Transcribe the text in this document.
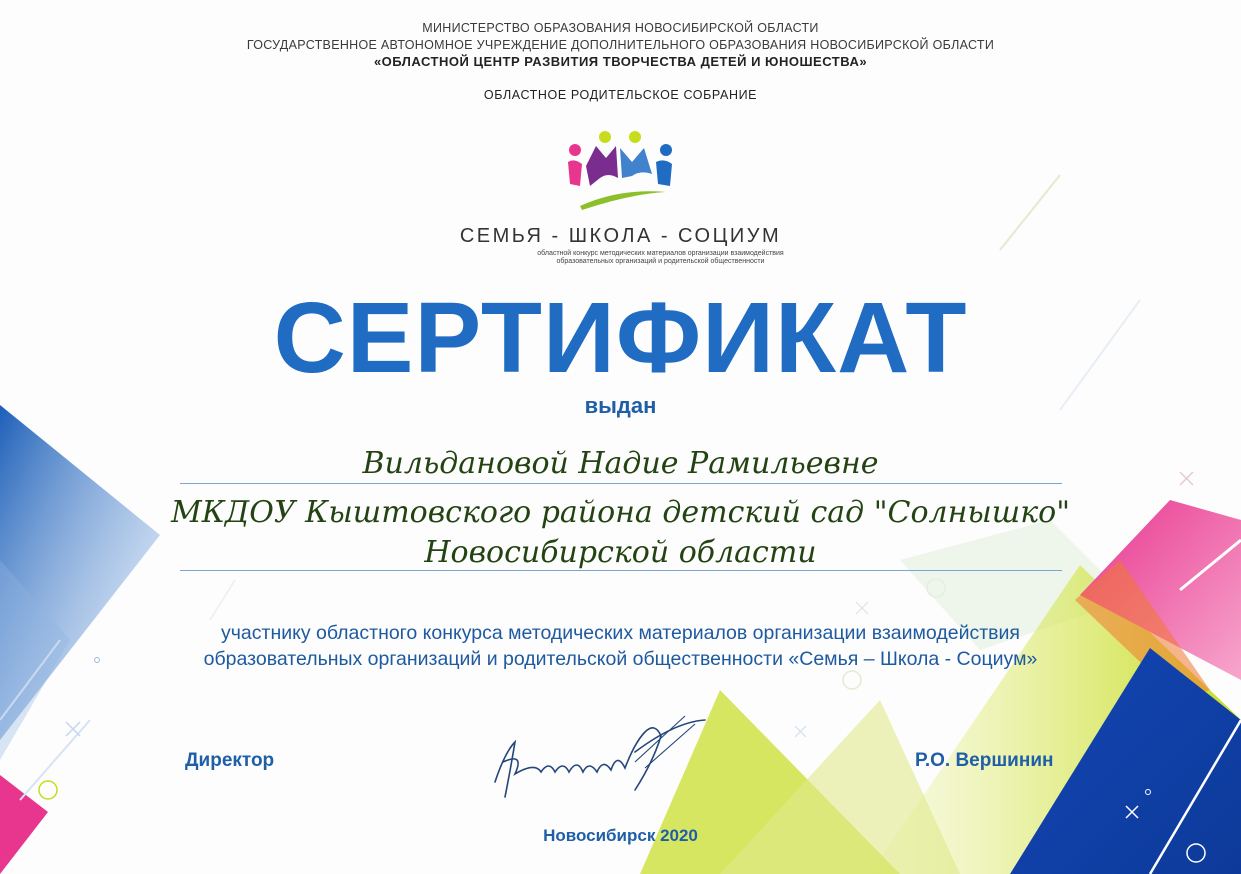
МИНИСТЕРСТВО ОБРАЗОВАНИЯ НОВОСИБИРСКОЙ ОБЛАСТИ
ГОСУДАРСТВЕННОЕ АВТОНОМНОЕ УЧРЕЖДЕНИЕ ДОПОЛНИТЕЛЬНОГО ОБРАЗОВАНИЯ НОВОСИБИРСКОЙ ОБЛАСТИ
«ОБЛАСТНОЙ ЦЕНТР РАЗВИТИЯ ТВОРЧЕСТВА ДЕТЕЙ И ЮНОШЕСТВА»
ОБЛАСТНОЕ РОДИТЕЛЬСКОЕ СОБРАНИЕ
СЕМЬЯ - ШКОЛА - СОЦИУМ
областной конкурс методических материалов организации взаимодействия
образовательных организаций и родительской общественности
СЕРТИФИКАТ
выдан
Вильдановой Надие Рамильевне
МКДОУ Кыштовского района детский сад "Солнышко"
Новосибирской области
участнику областного конкурса методических материалов организации взаимодействия
образовательных организаций и родительской общественности «Семья – Школа - Социум»
Директор	Р.О. Вершинин
Новосибирск 2020
